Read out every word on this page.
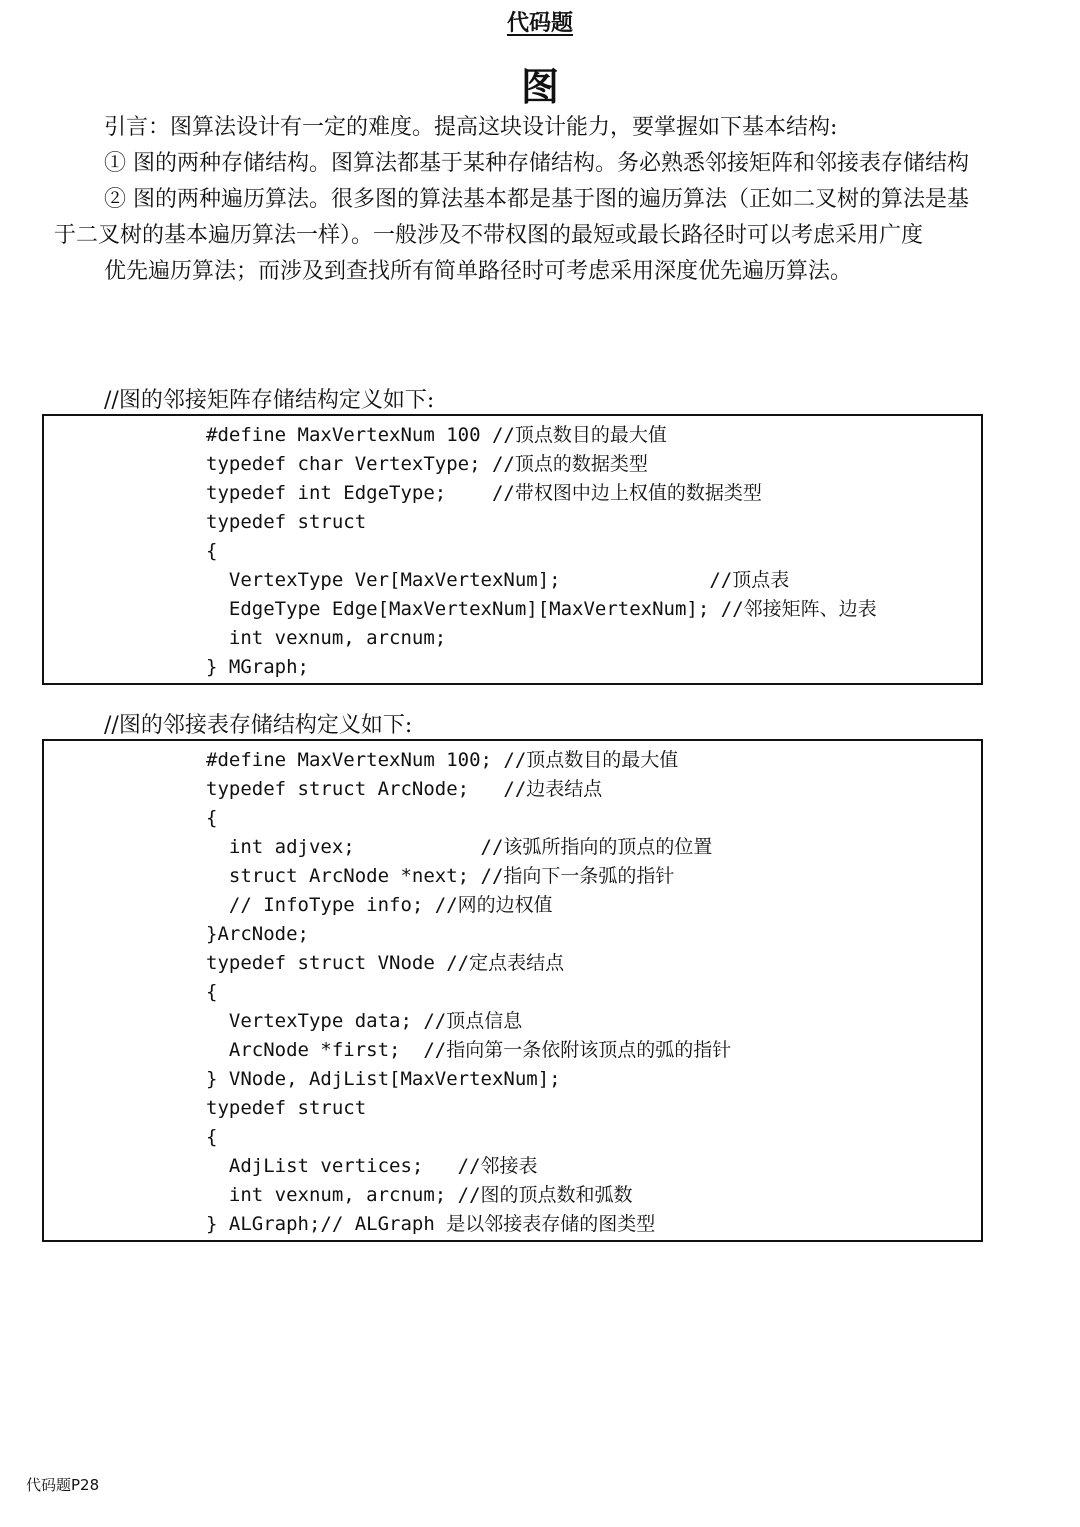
代码题
图

引言：图算法设计有一定的难度。提高这块设计能力，要掌握如下基本结构:

① 图的两种存储结构。图算法都基于某种存储结构。务必熟悉邻接矩阵和邻接表存储结构

② 图的两种遍历算法。很多图的算法基本都是基于图的遍历算法（正如二叉树的算法是基于二叉树的基本遍历算法一样）。一般涉及不带权图的最短或最长路径时可以考虑采用广度

优先遍历算法；而涉及到查找所有简单路径时可考虑采用深度优先遍历算法。

//图的邻接矩阵存储结构定义如下:
#define MaxVertexNum 100 //顶点数目的最大值
typedef char VertexType; //顶点的数据类型
typedef int EdgeType;    //带权图中边上权值的数据类型
typedef struct
{
VertexType Ver[MaxVertexNum];             //顶点表
EdgeType Edge[MaxVertexNum][MaxVertexNum]; //邻接矩阵、边表
int vexnum, arcnum;
} MGraph;
//图的邻接表存储结构定义如下:
#define MaxVertexNum 100; //顶点数目的最大值
typedef struct ArcNode;   //边表结点
{
int adjvex;           //该弧所指向的顶点的位置
struct ArcNode *next; //指向下一条弧的指针
// InfoType info; //网的边权值
}ArcNode;
typedef struct VNode //定点表结点
{
VertexType data; //顶点信息
ArcNode *first;  //指向第一条依附该顶点的弧的指针
} VNode, AdjList[MaxVertexNum];
typedef struct
{
AdjList vertices;   //邻接表
int vexnum, arcnum; //图的顶点数和弧数
} ALGraph;// ALGraph 是以邻接表存储的图类型
代码题P28
